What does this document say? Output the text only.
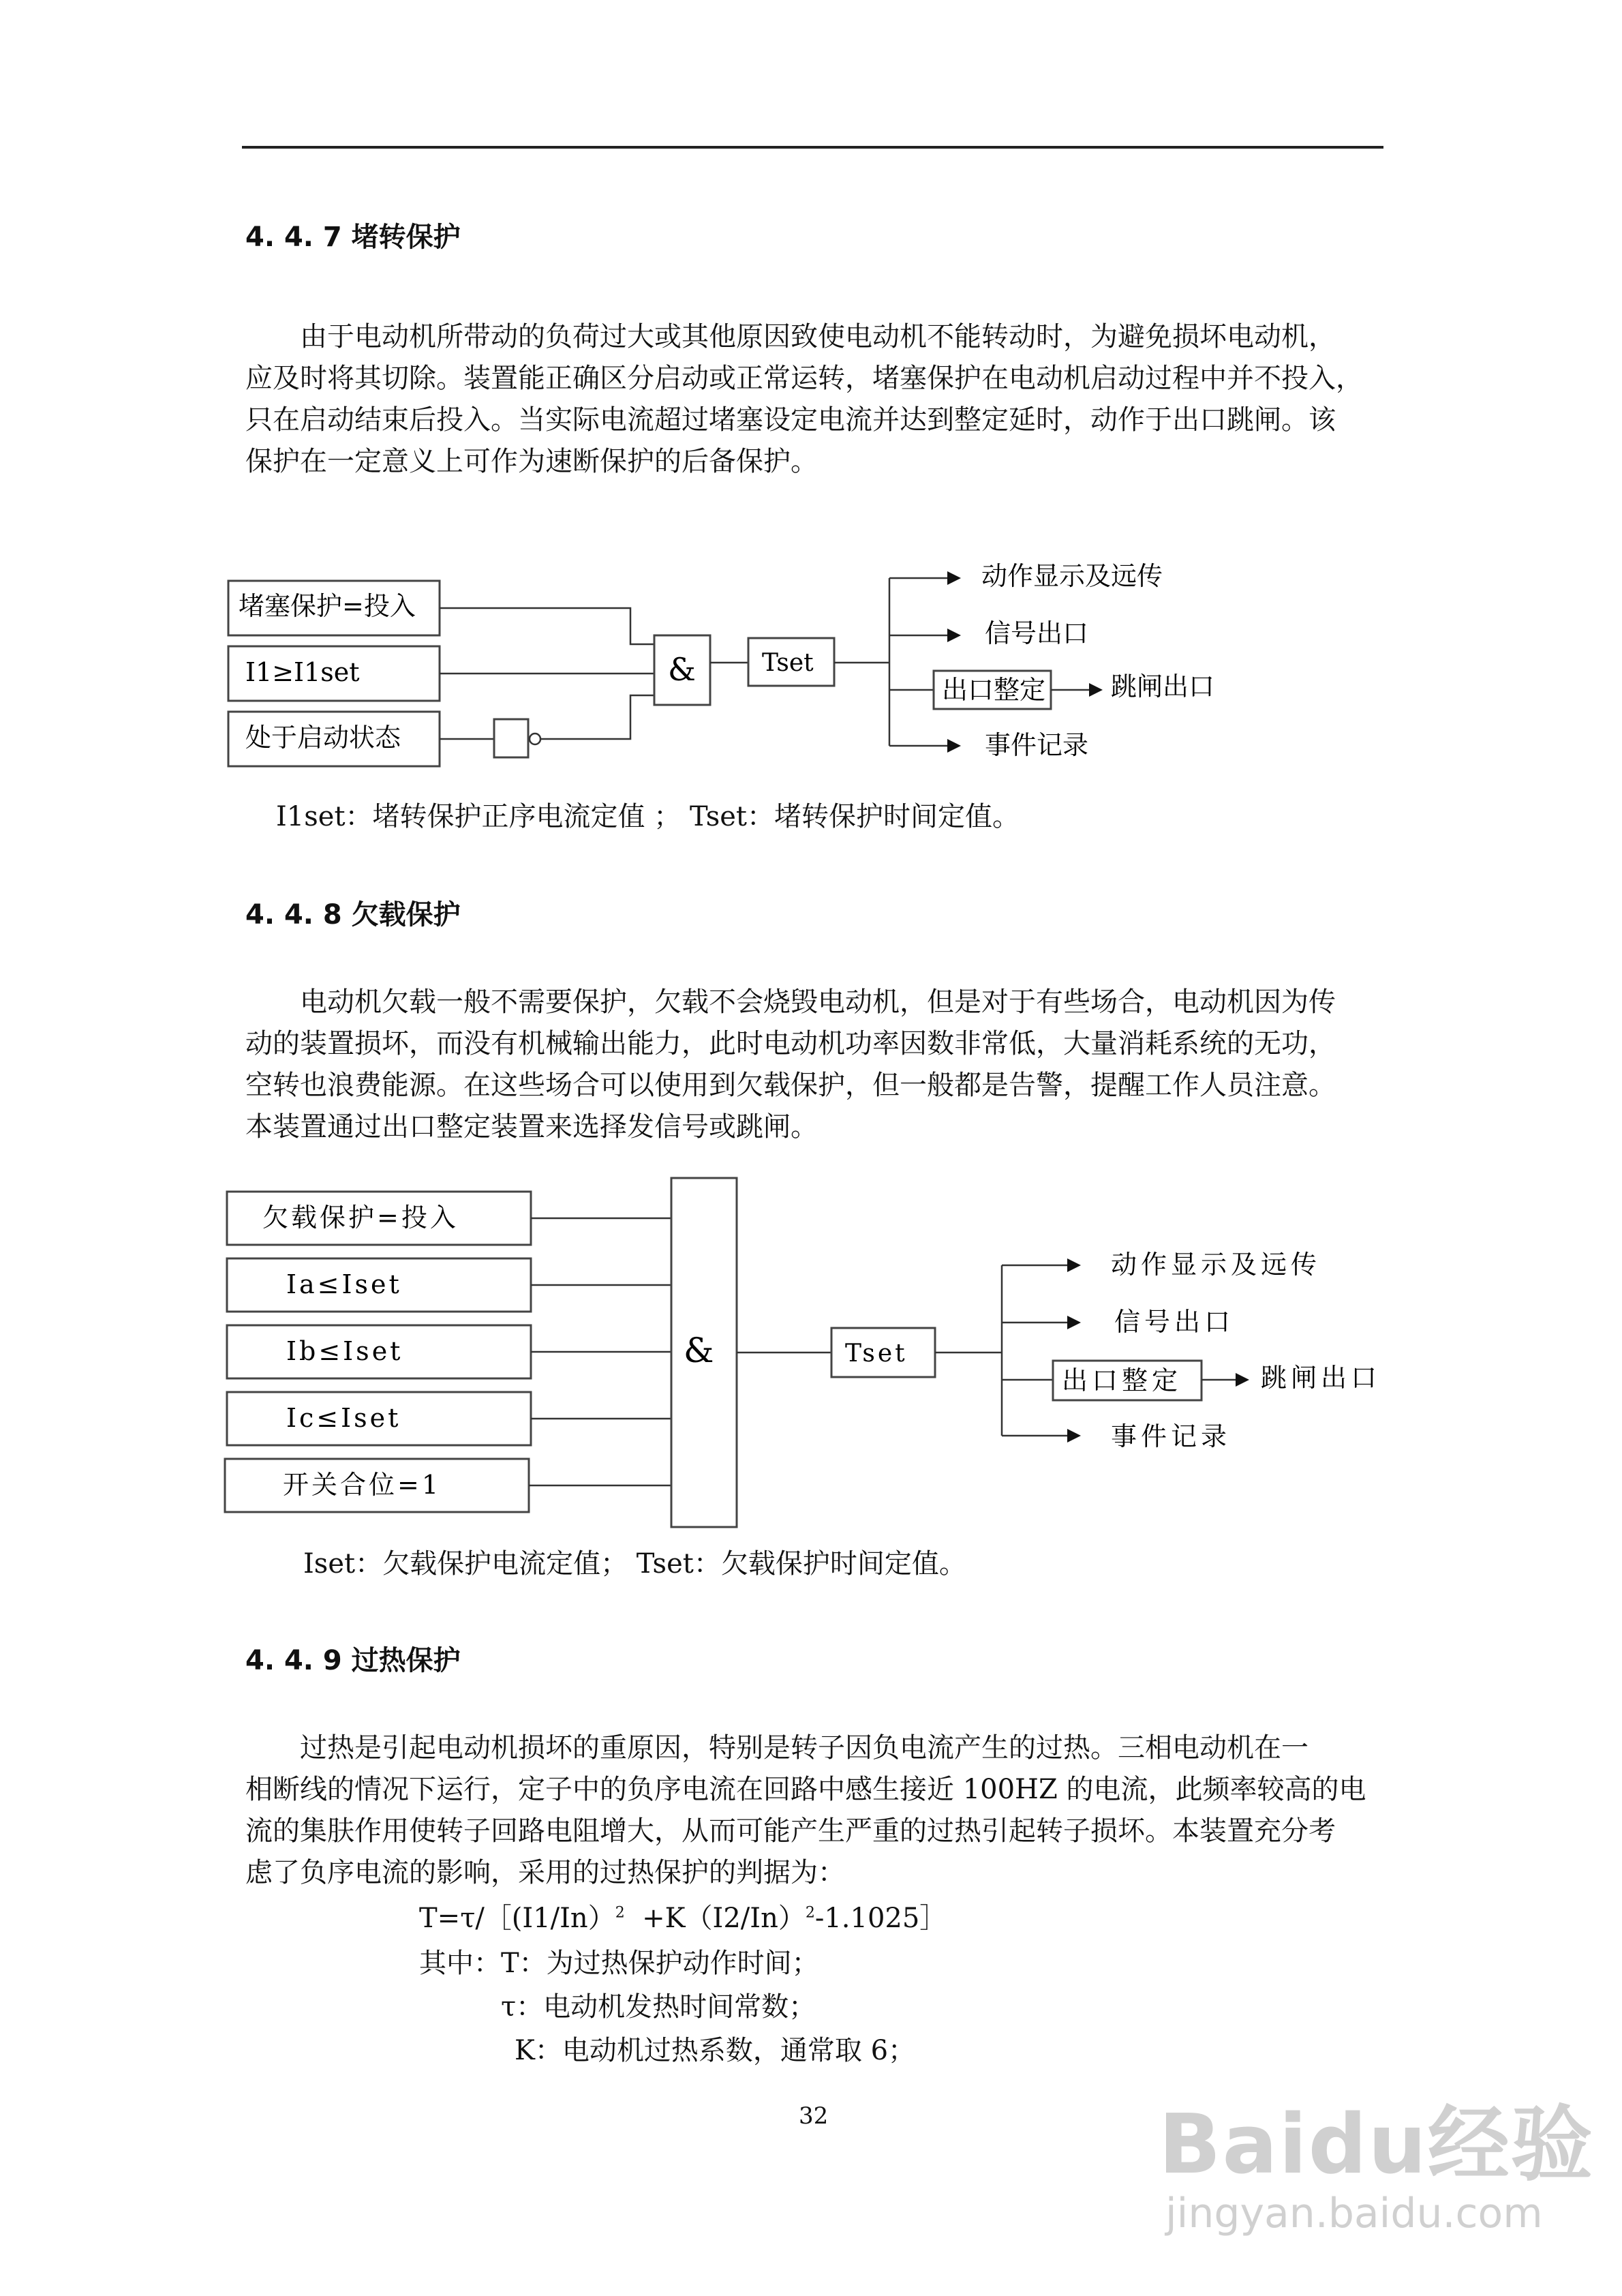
4. 4. 7 堵转保护
由于电动机所带动的负荷过大或其他原因致使电动机不能转动时，为避免损坏电动机，
应及时将其切除。装置能正确区分启动或正常运转，堵塞保护在电动机启动过程中并不投入，
只在启动结束后投入。当实际电流超过堵塞设定电流并达到整定延时，动作于出口跳闸。该
保护在一定意义上可作为速断保护的后备保护。
堵塞保护=投入
I1≥I1set
处于启动状态
&	Tset
动作显示及远传
信号出口
出口整定	跳闸出口
事件记录
欠载保护=投入
Ia≤Iset
Ib≤Iset
Ic≤Iset
开关合位=1
&	Tset
动作显示及远传
信号出口
出口整定	跳闸出口
事件记录
I1set：堵转保护正序电流定值 ； Tset：堵转保护时间定值。
4. 4. 8 欠载保护
电动机欠载一般不需要保护，欠载不会烧毁电动机，但是对于有些场合，电动机因为传
动的装置损坏，而没有机械输出能力，此时电动机功率因数非常低，大量消耗系统的无功，
空转也浪费能源。在这些场合可以使用到欠载保护，但一般都是告警，提醒工作人员注意。
本装置通过出口整定装置来选择发信号或跳闸。
Iset：欠载保护电流定值； Tset：欠载保护时间定值。
4. 4. 9 过热保护
过热是引起电动机损坏的重原因，特别是转子因负电流产生的过热。三相电动机在一
相断线的情况下运行，定子中的负序电流在回路中感生接近 100HZ 的电流，此频率较高的电
流的集肤作用使转子回路电阻增大，从而可能产生严重的过热引起转子损坏。本装置充分考
虑了负序电流的影响，采用的过热保护的判据为：
T=τ/［(I1/In）$^2$ $+K(I2/In)^2-1.1025]$
其中：T：为过热保护动作时间；
τ：电动机发热时间常数；
K：电动机过热系数，通常取 6；
32	Baidu经验
jingyan.baidu.com
